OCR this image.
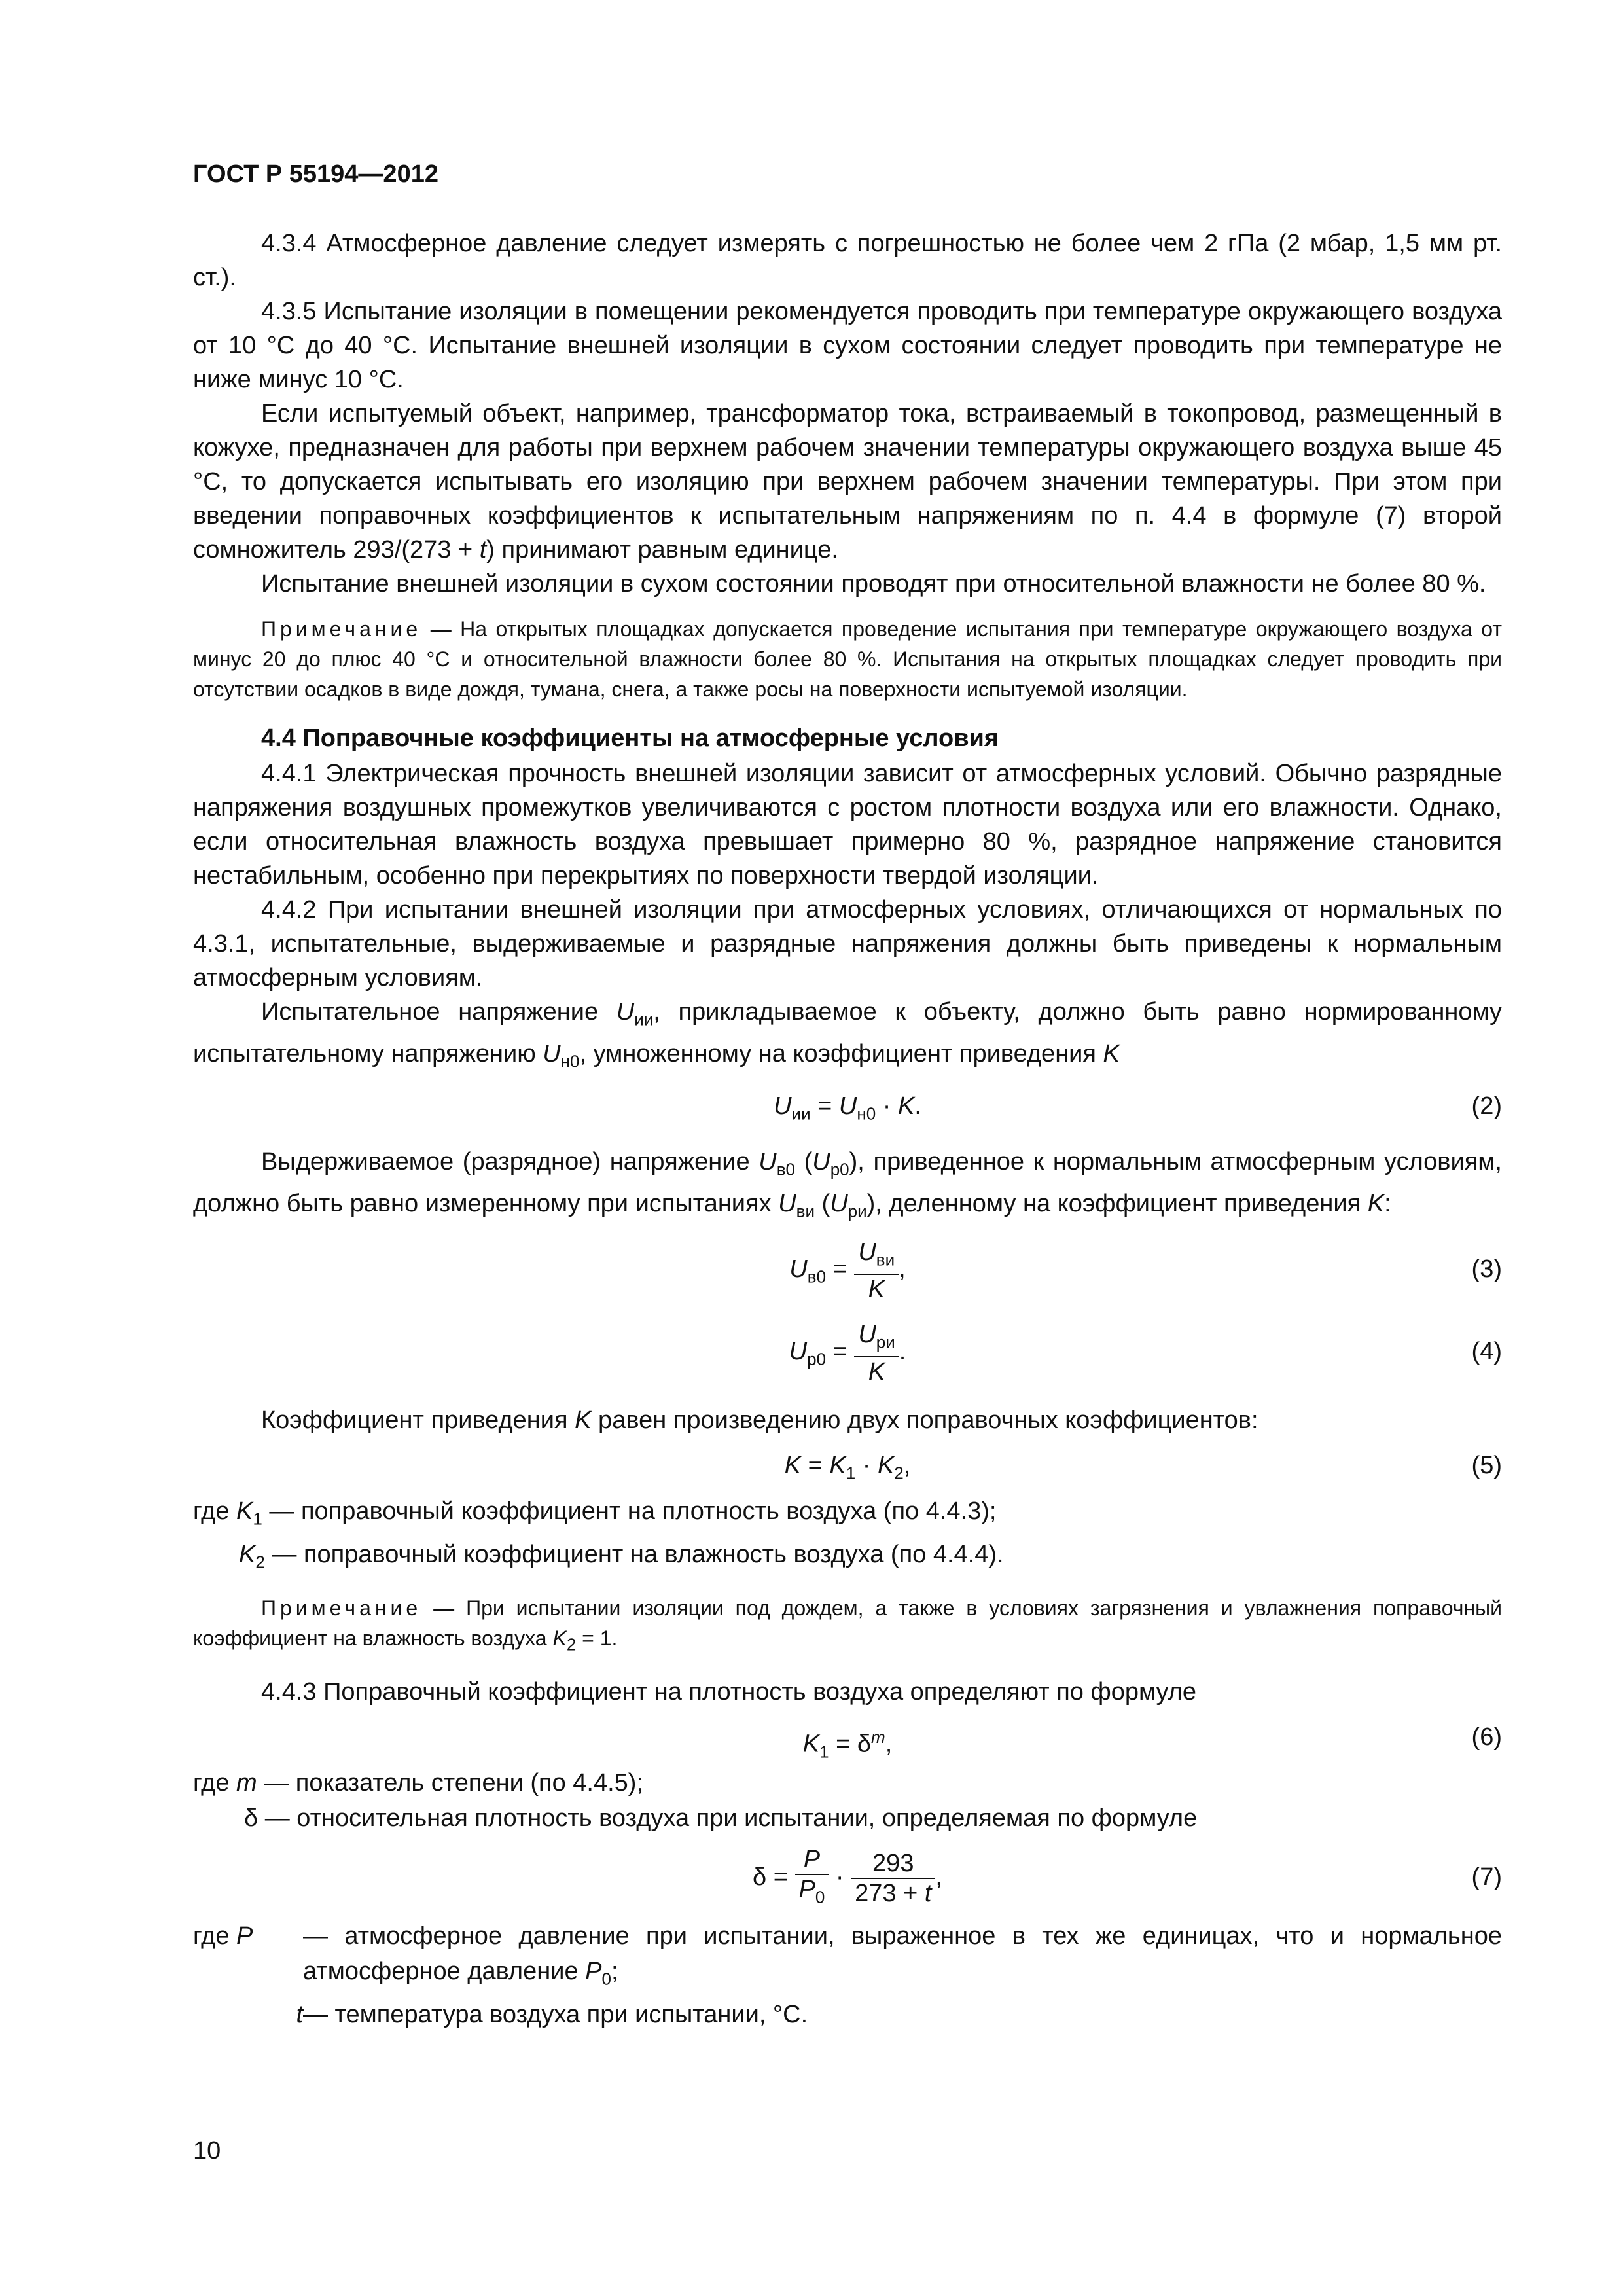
ГОСТ Р 55194—2012

4.3.4 Атмосферное давление следует измерять с погрешностью не более чем 2 гПа (2 мбар, 1,5 мм рт. ст.).

4.3.5 Испытание изоляции в помещении рекомендуется проводить при температуре окружающего воздуха от 10 °С до 40 °С. Испытание внешней изоляции в сухом состоянии следует проводить при температуре не ниже минус 10 °С.

Если испытуемый объект, например, трансформатор тока, встраиваемый в токопровод, размещенный в кожухе, предназначен для работы при верхнем рабочем значении температуры окружающего воздуха выше 45 °С, то допускается испытывать его изоляцию при верхнем рабочем значении температуры. При этом при введении поправочных коэффициентов к испытательным напряжениям по п. 4.4 в формуле (7) второй сомножитель 293/(273 + t) принимают равным единице.

Испытание внешней изоляции в сухом состоянии проводят при относительной влажности не более 80 %.

Примечание — На открытых площадках допускается проведение испытания при температуре окружающего воздуха от минус 20 до плюс 40 °С и относительной влажности более 80 %. Испытания на открытых площадках следует проводить при отсутствии осадков в виде дождя, тумана, снега, а также росы на поверхности испытуемой изоляции.
4.4 Поправочные коэффициенты на атмосферные условия

4.4.1 Электрическая прочность внешней изоляции зависит от атмосферных условий. Обычно разрядные напряжения воздушных промежутков увеличиваются с ростом плотности воздуха или его влажности. Однако, если относительная влажность воздуха превышает примерно 80 %, разрядное напряжение становится нестабильным, особенно при перекрытиях по поверхности твердой изоляции.

4.4.2 При испытании внешней изоляции при атмосферных условиях, отличающихся от нормальных по 4.3.1, испытательные, выдерживаемые и разрядные напряжения должны быть приведены к нормальным атмосферным условиям.

Испытательное напряжение $U_{ии}$, прикладываемое к объекту, должно быть равно нормированному испытательному напряжению $U_{н0}$, умноженному на коэффициент приведения K

$U_{ии} = U_{н0} \cdot K$.	(2)

Выдерживаемое (разрядное) напряжение $U_{в0}$ $(U_{р0})$, приведенное к нормальным атмосферным условиям, должно быть равно измеренному при испытаниях $U_{ви}$ $(U_{ри})$, деленному на коэффициент приведения K:

$U_{в0} = \frac{U_{ви}}{K}$ ,	(3)
$U_{р0} = \frac{U_{ри}}{K}$ .	(4)

Коэффициент приведения K равен произведению двух поправочных коэффициентов:

$K = K_1 \cdot K_2$,	(5)
где $K_1$ — поправочный коэффициент на плотность воздуха (по 4.4.3);
$K_2$ — поправочный коэффициент на влажность воздуха (по 4.4.4).
Примечание — При испытании изоляции под дождем, а также в условиях загрязнения и увлажнения поправочный коэффициент на влажность воздуха $K_2 = 1$.

4.4.3 Поправочный коэффициент на плотность воздуха определяют по формуле

$K_1 = \delta^m$,	(6)
где m — показатель степени (по 4.4.5);
δ — относительная плотность воздуха при испытании, определяемая по формуле
$\delta = \frac{P}{P_0} \cdot \frac{293}{273 + t}$ ,	(7)
где P	— атмосферное давление при испытании, выраженное в тех же единицах, что и нормальное атмосферное давление $P_0$;
t — температура воздуха при испытании, °С.
10
